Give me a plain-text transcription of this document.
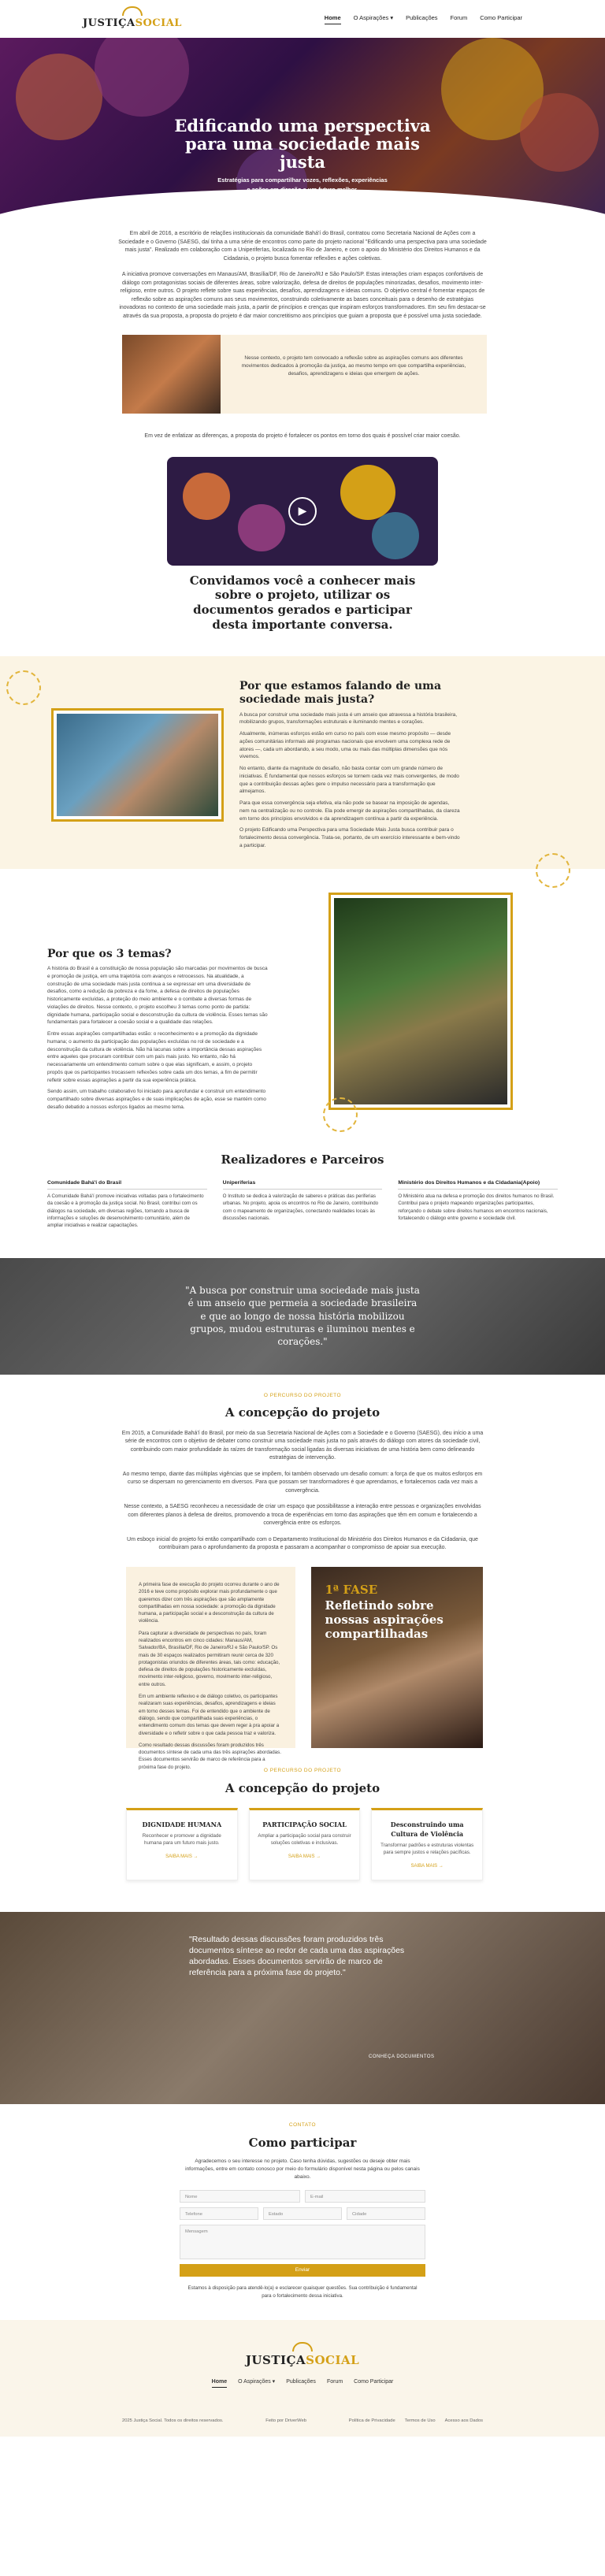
JUSTIÇASOCIAL	Home O Aspirações ▾ Publicações Forum Como Participar
Edificando uma perspectiva para uma sociedade mais justa

Estratégias para compartilhar vozes, reflexões, experiências

Em abril de 2016, a escritório de relações institucionais da comunidade Bahá'í do Brasil, contratou como Secretaria Nacional de Ações com a Sociedade e o Governo (SAESG, daí tinha a uma série de encontros como parte do projeto nacional "Edificando uma perspectiva para uma sociedade mais justa". Realizado em colaboração com a UniperiferIas, localizada no Rio de Janeiro, e com o apoio do Ministério dos Direitos Humanos e da Cidadania, o projeto busca fomentar reflexões e ações coletivas.

A iniciativa promove conversações em Manaus/AM, Brasília/DF, Rio de Janeiro/RJ e São Paulo/SP. Estas interações criam espaços confortáveis de diálogo com protagonistas sociais de diferentes áreas, sobre valorização, defesa de direitos de populações minorizadas, desafios, movimento inter-religioso, entre outros. O projeto reflete sobre suas experiências, desafios, aprendizagens e ideias comuns. O objetivo central é fomentar espaços de reflexão sobre as aspirações comuns aos seus movimentos, construindo coletivamente as bases conceituais para o desenho de estratégias inovadoras no contexto de uma sociedade mais justa, a partir de princípios e crenças que inspiram esforços transformadores. Em seu fim destacar-se através da sua proposta, a proposta do projeto é dar maior concretitismo aos princípios que guiam a proposta que é possível uma justa sociedade.

Nesse contexto, o projeto tem convocado a reflexão sobre as aspirações comuns aos diferentes movimentos dedicados à promoção da justiça, ao mesmo tempo em que compartilha experiências, desafios, aprendizagens e ideias que emergem de ações.

Em vez de enfatizar as diferenças, a proposta do projeto é fortalecer os pontos em torno dos quais é possível criar maior coesão.

▶
Convidamos você a conhecer mais sobre o projeto, utilizar os documentos gerados e participar desta importante conversa.
Por que estamos falando de uma sociedade mais justa?

A busca por construir uma sociedade mais justa é um anseio que atravessa a história brasileira, mobilizando grupos, transformações estruturais e iluminando mentes e corações.

Atualmente, inúmeras esforços estão em curso no país com esse mesmo propósito — desde ações comunitárias informais até programas nacionais que envolvem uma complexa rede de atores —, cada um abordando, a seu modo, uma ou mais das múltiplas dimensões que nós vivemos.

No entanto, diante da magnitude do desafio, não basta contar com um grande número de iniciativas. É fundamental que nossos esforços se tornem cada vez mais convergentes, de modo que a contribuição dessas ações gere o impulso necessário para a transformação que almejamos.

Para que essa convergência seja efetiva, ela não pode se basear na imposição de agendas, nem na centralização ou no controle. Ela pode emergir de aspirações compartilhadas, da clareza em torno dos princípios envolvidos e da aprendizagem contínua a partir da experiência.

O projeto Edificando uma Perspectiva para uma Sociedade Mais Justa busca contribuir para o fortalecimento dessa convergência. Trata-se, portanto, de um exercício interessante e bem-vindo a participar.

Por que os 3 temas?

A história do Brasil é a constituição de nossa população são marcadas por movimentos de busca e promoção de justiça, em uma trajetória com avanços e retrocessos. Na atualidade, a construção de uma sociedade mais justa continua a se expressar em uma diversidade de desafios, como a redução da pobreza e da fome, a defesa de direitos de populações historicamente excluídas, a proteção do meio ambiente e o combate a diversas formas de violações de direitos. Nesse contexto, o projeto escolheu 3 temas como ponto de partida: dignidade humana, participação social e desconstrução da cultura de violência. Esses temas são fundamentais para fortalecer a coesão social e a qualidade das relações.

Entre essas aspirações compartilhadas estão: o reconhecimento e a promoção da dignidade humana; o aumento da participação das populações excluídas no rol de sociedade e a desconstrução da cultura de violência. Não há lacunas sobre a importância dessas aspirações entre aqueles que procuram contribuir com um país mais justo. No entanto, não há necessariamente um entendimento comum sobre o que elas significam, e assim, o projeto propôs que os participantes trocassem reflexões sobre cada um dos temas, a fim de permitir refletir sobre essas aspirações a partir da sua experiência prática.

Sendo assim, um trabalho colaborativo foi iniciado para aprofundar e construir um entendimento compartilhado sobre diversas aspirações e de suas implicações de ação, esse se mantém como desafio debatido a nossos esforços ligados ao mesmo tema.

Realizadores e Parceiros
Comunidade Bahá'í do Brasil

A Comunidade Bahá'í promove iniciativas voltadas para o fortalecimento da coesão e à promoção da justiça social. No Brasil, contribui com os diálogos na sociedade, em diversas regiões, tornando a busca de informações e soluções de desenvolvimento comunitário, além de ampliar iniciativas e realizar capacitações.

Uniperiferias

O Instituto se dedica à valorização de saberes e práticas das periferias urbanas. No projeto, apoia os encontros no Rio de Janeiro, contribuindo com o mapeamento de organizações, conectando realidades locais às discussões nacionais.

Ministério dos Direitos Humanos e da Cidadania(Apoio)

O Ministério atua na defesa e promoção dos direitos humanos no Brasil. Contribui para o projeto mapeando organizações participantes, reforçando o debate sobre direitos humanos em encontros nacionais, fortalecendo o diálogo entre governo e sociedade civil.

"A busca por construir uma sociedade mais justa é um anseio que permeia a sociedade brasileira e que ao longo de nossa história mobilizou grupos, mudou estruturas e iluminou mentes e corações."

O PERCURSO DO PROJETO

A concepção do projeto

Em 2015, a Comunidade Bahá'í do Brasil, por meio da sua Secretaria Nacional de Ações com a Sociedade e o Governo (SAESG), deu início a uma série de encontros com o objetivo de debater como construir uma sociedade mais justa no país através do diálogo com atores da sociedade civil, contribuindo com maior profundidade às raízes de transformação social ligadas às diversas iniciativas de uma história bem como delineando estratégias de intervenção.

Ao mesmo tempo, diante das múltiplas vigências que se impõem, foi também observado um desafio comum: a força de que os muitos esforços em curso se dispersam no gerenciamento em diversos. Para que possam ser transformadores é que aprendamos, e fortalecemos cada vez mais a convergência.

Nesse contexto, a SAESG reconheceu a necessidade de criar um espaço que possibilitasse a interação entre pessoas e organizações envolvidas com diferentes planos à defesa de direitos, promovendo a troca de experiências em torno das aspirações que têm em comum e fortalecendo a convergência entre os esforços.

Um esboço inicial do projeto foi então compartilhado com o Departamento Institucional do Ministério dos Direitos Humanos e da Cidadania, que contribuiram para o aprofundamento da proposta e passaram a acompanhar o compromisso de apoiar sua execução.

A primeira fase de execução do projeto ocorreu durante o ano de 2016 e teve como propósito explorar mais profundamente o que queremos dizer com três aspirações que são amplamente compartilhadas em nossa sociedade: a promoção da dignidade humana, a participação social e a desconstrução da cultura de violência.

Para capturar a diversidade de perspectivas no país, foram realizados encontros em cinco cidades: Manaus/AM, Salvador/BA, Brasília/DF, Rio de Janeiro/RJ e São Paulo/SP. Os mais de 30 espaços realizados permitiram reunir cerca de 320 protagonistas oriundos de diferentes áreas, tais como: educação, defesa de direitos de populações historicamente excluídas, movimento inter-religioso, governo, movimento inter-religioso, entre outros.

Em um ambiente reflexivo e de diálogo coletivo, os participantes realizaram suas experiências, desafios, aprendizagens e ideias em torno desses temas. Foi de entendido que o ambiente de diálogo, sendo que compartilhada suas experiências, o entendimento comum dos temas que devem reger à pra apoiar a diversidade e o refletir sobre o que cada pessoa traz e valoriza.

Como resultado dessas discussões foram produzidos três documentos síntese de cada uma das três aspirações abordadas. Esses documentos servirão de marco de referência para a próxima fase do projeto.

1ª FASE
Refletindo sobre nossas aspirações compartilhadas

O PERCURSO DO PROJETO

A concepção do projeto
DIGNIDADE HUMANA

Reconhecer e promover a dignidade humana para um futuro mais justo.

SAIBA MAIS →
PARTICIPAÇÃO SOCIAL

Ampliar a participação social para construir soluções coletivas e inclusivas.

SAIBA MAIS →
Desconstruindo uma Cultura de Violência

Transformar padrões e estruturas violentas para sempre justos e relações pacíficas.

SAIBA MAIS →

"Resultado dessas discussões foram produzidos três documentos síntese ao redor de cada uma das aspirações abordadas. Esses documentos servirão de marco de referência para a próxima fase do projeto."

CONHEÇA DOCUMENTOS

CONTATO

Como participar

Agradecemos o seu interesse no projeto. Caso tenha dúvidas, sugestões ou deseje obter mais informações, entre em contato conosco por meio do formulário disponível nesta página ou pelos canais abaixo.

Nome	E-mail
Telefone	Estado	Cidade
Mensagem
Enviar

Estamos à disposição para atendê-lo(a) e esclarecer quaisquer questões. Sua contribuição é fundamental para o fortalecimento dessa iniciativa.

JUSTIÇASOCIAL
Home O Aspirações ▾ Publicações Forum Como Participar
2025 Justiça Social. Todos os direitos reservados.	Feito por DriverWeb	Política de Privacidade Termos de Uso Acesso aos Dados
